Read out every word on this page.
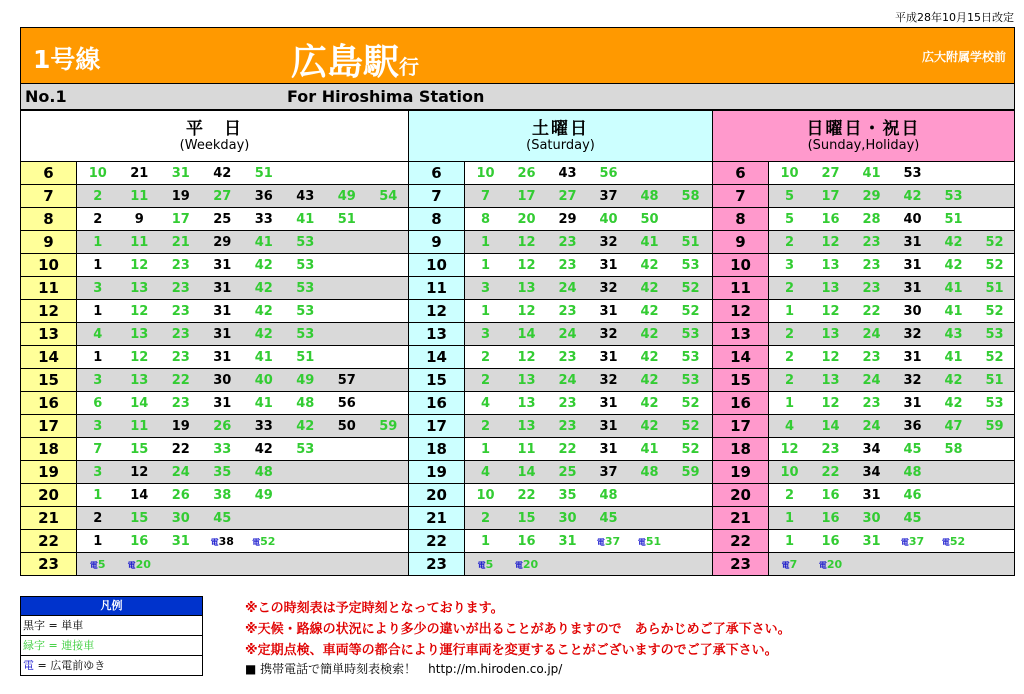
平成28年10月15日改定
1号線	広島駅行	広大附属学校前
No.1	For Hiroshima Station
平　日
(Weekday)
6	10	21	31	42	51
7	2	11	19	27	36	43	49	54
8	2	9	17	25	33	41	51
9	1	11	21	29	41	53
10	1	12	23	31	42	53
11	3	13	23	31	42	53
12	1	12	23	31	42	53
13	4	13	23	31	42	53
14	1	12	23	31	41	51
15	3	13	22	30	40	49	57
16	6	14	23	31	41	48	56
17	3	11	19	26	33	42	50	59
18	7	15	22	33	42	53
19	3	12	24	35	48
20	1	14	26	38	49
21	2	15	30	45
22	1	16	31	電38	電52
23	電5	電20
土曜日
(Saturday)
6	10	26	43	56
7	7	17	27	37	48	58
8	8	20	29	40	50
9	1	12	23	32	41	51
10	1	12	23	31	42	53
11	3	13	24	32	42	52
12	1	12	23	31	42	52
13	3	14	24	32	42	53
14	2	12	23	31	42	53
15	2	13	24	32	42	53
16	4	13	23	31	42	52
17	2	13	23	31	42	52
18	1	11	22	31	41	52
19	4	14	25	37	48	59
20	10	22	35	48
21	2	15	30	45
22	1	16	31	電37	電51
23	電5	電20
日曜日・祝日
(Sunday,Holiday)
6	10	27	41	53
7	5	17	29	42	53
8	5	16	28	40	51
9	2	12	23	31	42	52
10	3	13	23	31	42	52
11	2	13	23	31	41	51
12	1	12	22	30	41	52
13	2	13	24	32	43	53
14	2	12	23	31	41	52
15	2	13	24	32	42	51
16	1	12	23	31	42	53
17	4	14	24	36	47	59
18	12	23	34	45	58
19	10	22	34	48
20	2	16	31	46
21	1	16	30	45
22	1	16	31	電37	電52
23	電7	電20
凡例
黒字 = 単車
緑字 = 連接車
電 = 広電前ゆき
※この時刻表は予定時刻となっております。
※天候・路線の状況により多少の違いが出ることがありますので　あらかじめご了承下さい。
※定期点検、車両等の都合により運行車両を変更することがございますのでご了承下さい。
■ 携帯電話で簡単時刻表検索！　http://m.hiroden.co.jp/
